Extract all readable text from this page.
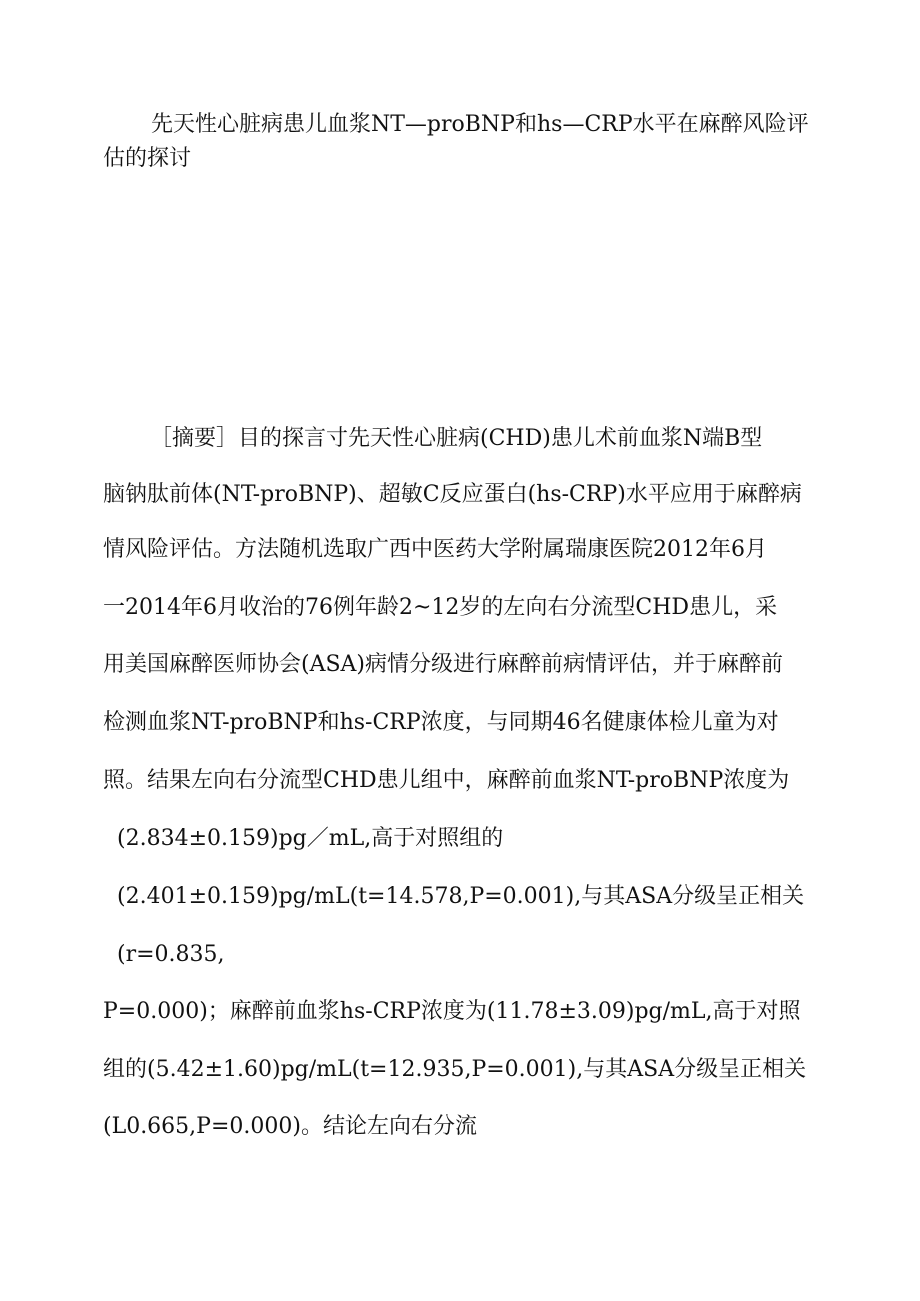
先天性心脏病患儿血浆NT—proBNP和hs—CRP水平在麻醉风险评估的探讨

［摘要］目的探言寸先天性心脏病(CHD)患儿术前血浆N端B型

脑钠肽前体(NT-proBNP)、超敏C反应蛋白(hs-CRP)水平应用于麻醉病

情风险评估。方法随机选取广西中医药大学附属瑞康医院2012年6月

一2014年6月收治的76例年龄2~12岁的左向右分流型CHD患儿，采

用美国麻醉医师协会(ASA)病情分级进行麻醉前病情评估，并于麻醉前

检测血浆NT-proBNP和hs-CRP浓度，与同期46名健康体检儿童为对

照。结果左向右分流型CHD患儿组中，麻醉前血浆NT-proBNP浓度为

(2.834±0.159)pg／mL,高于对照组的

(2.401±0.159)pg/mL(t=14.578,P=0.001),与其ASA分级呈正相关

(r=0.835,

P=0.000)；麻醉前血浆hs-CRP浓度为(11.78±3.09)pg/mL,高于对照

组的(5.42±1.60)pg/mL(t=12.935,P=0.001),与其ASA分级呈正相关

(L0.665,P=0.000)。结论左向右分流
